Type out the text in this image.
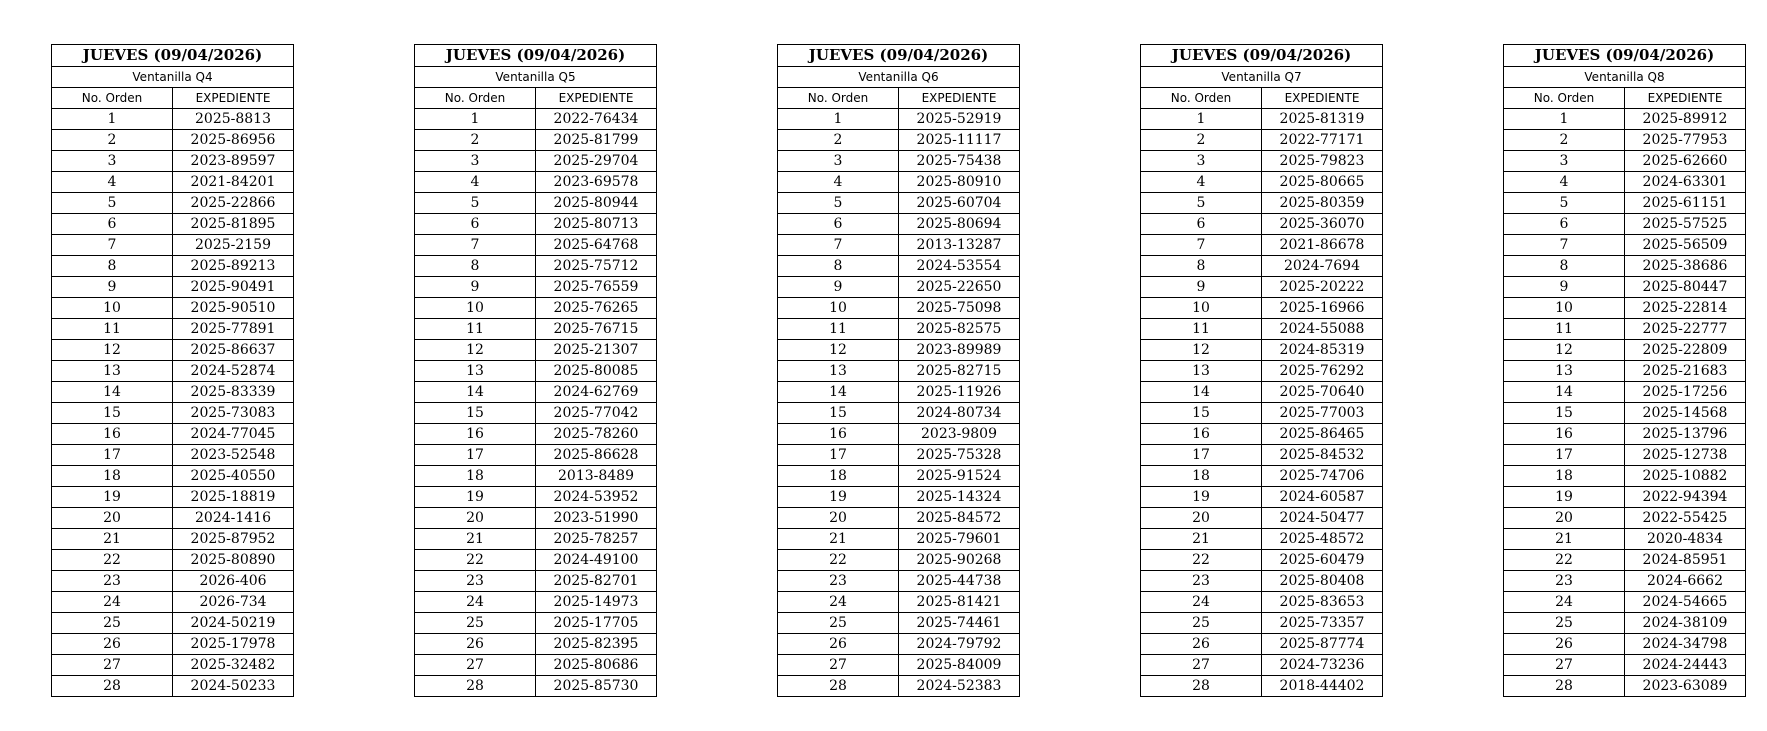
JUEVES (09/04/2026)	
Ventanilla Q4	
No. Orden	EXPEDIENTE
1	2025-8813
2	2025-86956
3	2023-89597
4	2021-84201
5	2025-22866
6	2025-81895
7	2025-2159
8	2025-89213
9	2025-90491
10	2025-90510
11	2025-77891
12	2025-86637
13	2024-52874
14	2025-83339
15	2025-73083
16	2024-77045
17	2023-52548
18	2025-40550
19	2025-18819
20	2024-1416
21	2025-87952
22	2025-80890
23	2026-406
24	2026-734
25	2024-50219
26	2025-17978
27	2025-32482
28	2024-50233
JUEVES (09/04/2026)	
Ventanilla Q5	
No. Orden	EXPEDIENTE
1	2022-76434
2	2025-81799
3	2025-29704
4	2023-69578
5	2025-80944
6	2025-80713
7	2025-64768
8	2025-75712
9	2025-76559
10	2025-76265
11	2025-76715
12	2025-21307
13	2025-80085
14	2024-62769
15	2025-77042
16	2025-78260
17	2025-86628
18	2013-8489
19	2024-53952
20	2023-51990
21	2025-78257
22	2024-49100
23	2025-82701
24	2025-14973
25	2025-17705
26	2025-82395
27	2025-80686
28	2025-85730
JUEVES (09/04/2026)	
Ventanilla Q6	
No. Orden	EXPEDIENTE
1	2025-52919
2	2025-11117
3	2025-75438
4	2025-80910
5	2025-60704
6	2025-80694
7	2013-13287
8	2024-53554
9	2025-22650
10	2025-75098
11	2025-82575
12	2023-89989
13	2025-82715
14	2025-11926
15	2024-80734
16	2023-9809
17	2025-75328
18	2025-91524
19	2025-14324
20	2025-84572
21	2025-79601
22	2025-90268
23	2025-44738
24	2025-81421
25	2025-74461
26	2024-79792
27	2025-84009
28	2024-52383
JUEVES (09/04/2026)	
Ventanilla Q7	
No. Orden	EXPEDIENTE
1	2025-81319
2	2022-77171
3	2025-79823
4	2025-80665
5	2025-80359
6	2025-36070
7	2021-86678
8	2024-7694
9	2025-20222
10	2025-16966
11	2024-55088
12	2024-85319
13	2025-76292
14	2025-70640
15	2025-77003
16	2025-86465
17	2025-84532
18	2025-74706
19	2024-60587
20	2024-50477
21	2025-48572
22	2025-60479
23	2025-80408
24	2025-83653
25	2025-73357
26	2025-87774
27	2024-73236
28	2018-44402
JUEVES (09/04/2026)	
Ventanilla Q8	
No. Orden	EXPEDIENTE
1	2025-89912
2	2025-77953
3	2025-62660
4	2024-63301
5	2025-61151
6	2025-57525
7	2025-56509
8	2025-38686
9	2025-80447
10	2025-22814
11	2025-22777
12	2025-22809
13	2025-21683
14	2025-17256
15	2025-14568
16	2025-13796
17	2025-12738
18	2025-10882
19	2022-94394
20	2022-55425
21	2020-4834
22	2024-85951
23	2024-6662
24	2024-54665
25	2024-38109
26	2024-34798
27	2024-24443
28	2023-63089
